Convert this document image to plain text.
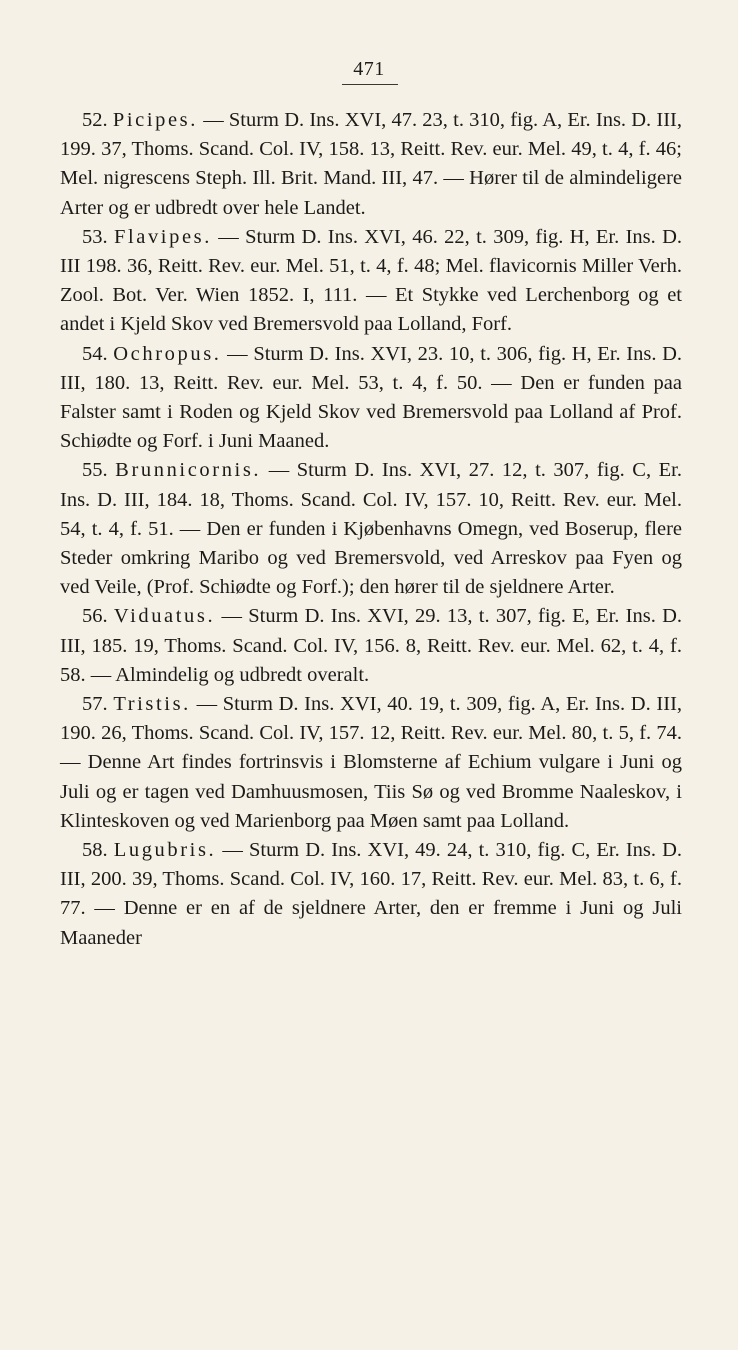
471

52. Picipes. — Sturm D. Ins. XVI, 47. 23, t. 310, fig. A, Er. Ins. D. III, 199. 37, Thoms. Scand. Col. IV, 158. 13, Reitt. Rev. eur. Mel. 49, t. 4, f. 46; Mel. nigrescens Steph. Ill. Brit. Mand. III, 47. — Hører til de almindeligere Arter og er udbredt over hele Landet.

53. Flavipes. — Sturm D. Ins. XVI, 46. 22, t. 309, fig. H, Er. Ins. D. III 198. 36, Reitt. Rev. eur. Mel. 51, t. 4, f. 48; Mel. flavicornis Miller Verh. Zool. Bot. Ver. Wien 1852. I, 111. — Et Stykke ved Lerchenborg og et andet i Kjeld Skov ved Bremersvold paa Lolland, Forf.

54. Ochropus. — Sturm D. Ins. XVI, 23. 10, t. 306, fig. H, Er. Ins. D. III, 180. 13, Reitt. Rev. eur. Mel. 53, t. 4, f. 50. — Den er funden paa Falster samt i Roden og Kjeld Skov ved Bremersvold paa Lolland af Prof. Schiødte og Forf. i Juni Maaned.

55. Brunnicornis. — Sturm D. Ins. XVI, 27. 12, t. 307, fig. C, Er. Ins. D. III, 184. 18, Thoms. Scand. Col. IV, 157. 10, Reitt. Rev. eur. Mel. 54, t. 4, f. 51. — Den er funden i Kjøbenhavns Omegn, ved Boserup, flere Steder omkring Maribo og ved Bremersvold, ved Arreskov paa Fyen og ved Veile, (Prof. Schiødte og Forf.); den hører til de sjeldnere Arter.

56. Viduatus. — Sturm D. Ins. XVI, 29. 13, t. 307, fig. E, Er. Ins. D. III, 185. 19, Thoms. Scand. Col. IV, 156. 8, Reitt. Rev. eur. Mel. 62, t. 4, f. 58. — Almindelig og udbredt overalt.

57. Tristis. — Sturm D. Ins. XVI, 40. 19, t. 309, fig. A, Er. Ins. D. III, 190. 26, Thoms. Scand. Col. IV, 157. 12, Reitt. Rev. eur. Mel. 80, t. 5, f. 74. — Denne Art findes fortrinsvis i Blomsterne af Echium vulgare i Juni og Juli og er tagen ved Damhuusmosen, Tiis Sø og ved Bromme Naaleskov, i Klinteskoven og ved Marienborg paa Møen samt paa Lolland.

58. Lugubris. — Sturm D. Ins. XVI, 49. 24, t. 310, fig. C, Er. Ins. D. III, 200. 39, Thoms. Scand. Col. IV, 160. 17, Reitt. Rev. eur. Mel. 83, t. 6, f. 77. — Denne er en af de sjeldnere Arter, den er fremme i Juni og Juli Maaneder
